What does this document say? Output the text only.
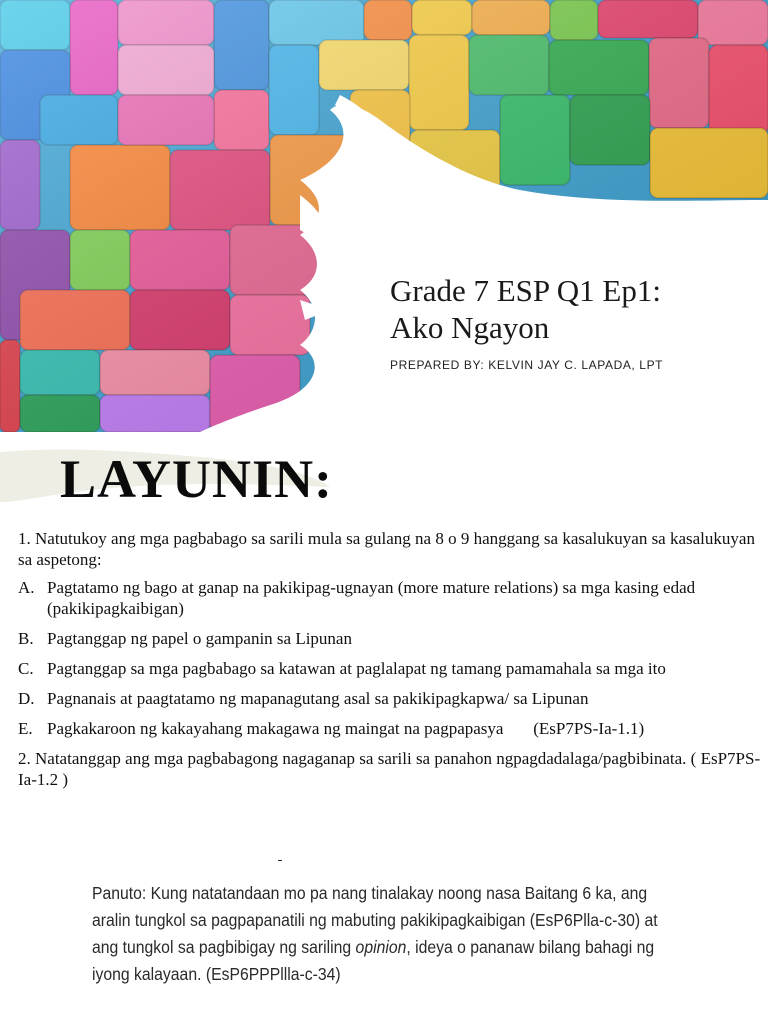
Grade 7 ESP Q1 Ep1:
Ako Ngayon
PREPARED BY: KELVIN JAY C. LAPADA, LPT
LAYUNIN:

1. Natutukoy ang mga pagbabago sa sarili mula sa gulang na 8 o 9 hanggang sa kasalukuyan sa kasalukuyan sa aspetong:

A. Pagtatamo ng bago at ganap na pakikipag-ugnayan (more mature relations) sa mga kasing edad (pakikipagkaibigan)
B. Pagtanggap ng papel o gampanin sa Lipunan
C. Pagtanggap sa mga pagbabago sa katawan at paglalapat ng tamang pamamahala sa mga ito
D. Pagnanais at paagtatamo ng mapanagutang asal sa pakikipagkapwa/ sa Lipunan
E. Pagkakaroon ng kakayahang makagawa ng maingat na pagpapasya       (EsP7PS-Ia-1.1)

2. Natatanggap ang mga pagbabagong nagaganap sa sarili sa panahon ngpagdadalaga/pagbibinata. ( EsP7PS-Ia-1.2 )

Panuto: Kung natatandaan mo pa nang tinalakay noong nasa Baitang 6 ka, ang aralin tungkol sa pagpapanatili ng mabuting pakikipagkaibigan (EsP6Plla-c-30) at ang tungkol sa pagbibigay ng sariling opinion, ideya o pananaw bilang bahagi ng iyong kalayaan. (EsP6PPPllla-c-34)
